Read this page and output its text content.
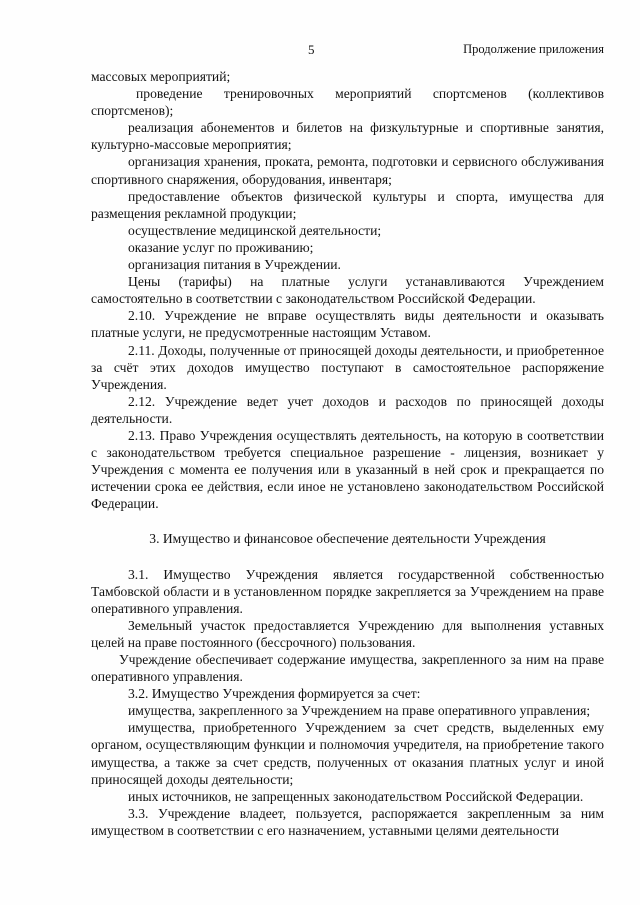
5	Продолжение приложения

массовых мероприятий;

проведение тренировочных мероприятий спортсменов (коллективов спортсменов);

реализация абонементов и билетов на физкультурные и спортивные занятия, культурно-массовые мероприятия;

организация хранения, проката, ремонта, подготовки и сервисного обслуживания спортивного снаряжения, оборудования, инвентаря;

предоставление объектов физической культуры и спорта, имущества для размещения рекламной продукции;

осуществление медицинской деятельности;

оказание услуг по проживанию;

организация питания в Учреждении.

Цены (тарифы) на платные услуги устанавливаются Учреждением самостоятельно в соответствии с законодательством Российской Федерации.

2.10. Учреждение не вправе осуществлять виды деятельности и оказывать платные услуги, не предусмотренные настоящим Уставом.

2.11. Доходы, полученные от приносящей доходы деятельности, и приобретенное за счёт этих доходов имущество поступают в самостоятельное распоряжение Учреждения.

2.12. Учреждение ведет учет доходов и расходов по приносящей доходы деятельности.

2.13. Право Учреждения осуществлять деятельность, на которую в соответствии с законодательством требуется специальное разрешение - лицензия, возникает у Учреждения с момента ее получения или в указанный в ней срок и прекращается по истечении срока ее действия, если иное не установлено законодательством Российской Федерации.

3. Имущество и финансовое обеспечение деятельности Учреждения

3.1. Имущество Учреждения является государственной собственностью Тамбовской области и в установленном порядке закрепляется за Учреждением на праве оперативного управления.

Земельный участок предоставляется Учреждению для выполнения уставных целей на праве постоянного (бессрочного) пользования.

Учреждение обеспечивает содержание имущества, закрепленного за ним на праве оперативного управления.

3.2. Имущество Учреждения формируется за счет:

имущества, закрепленного за Учреждением на праве оперативного управления;

имущества, приобретенного Учреждением за счет средств, выделенных ему органом, осуществляющим функции и полномочия учредителя, на приобретение такого имущества, а также за счет средств, полученных от оказания платных услуг и иной приносящей доходы деятельности;

иных источников, не запрещенных законодательством Российской Федерации.

3.3. Учреждение владеет, пользуется, распоряжается закрепленным за ним имуществом в соответствии с его назначением, уставными целями деятельности
